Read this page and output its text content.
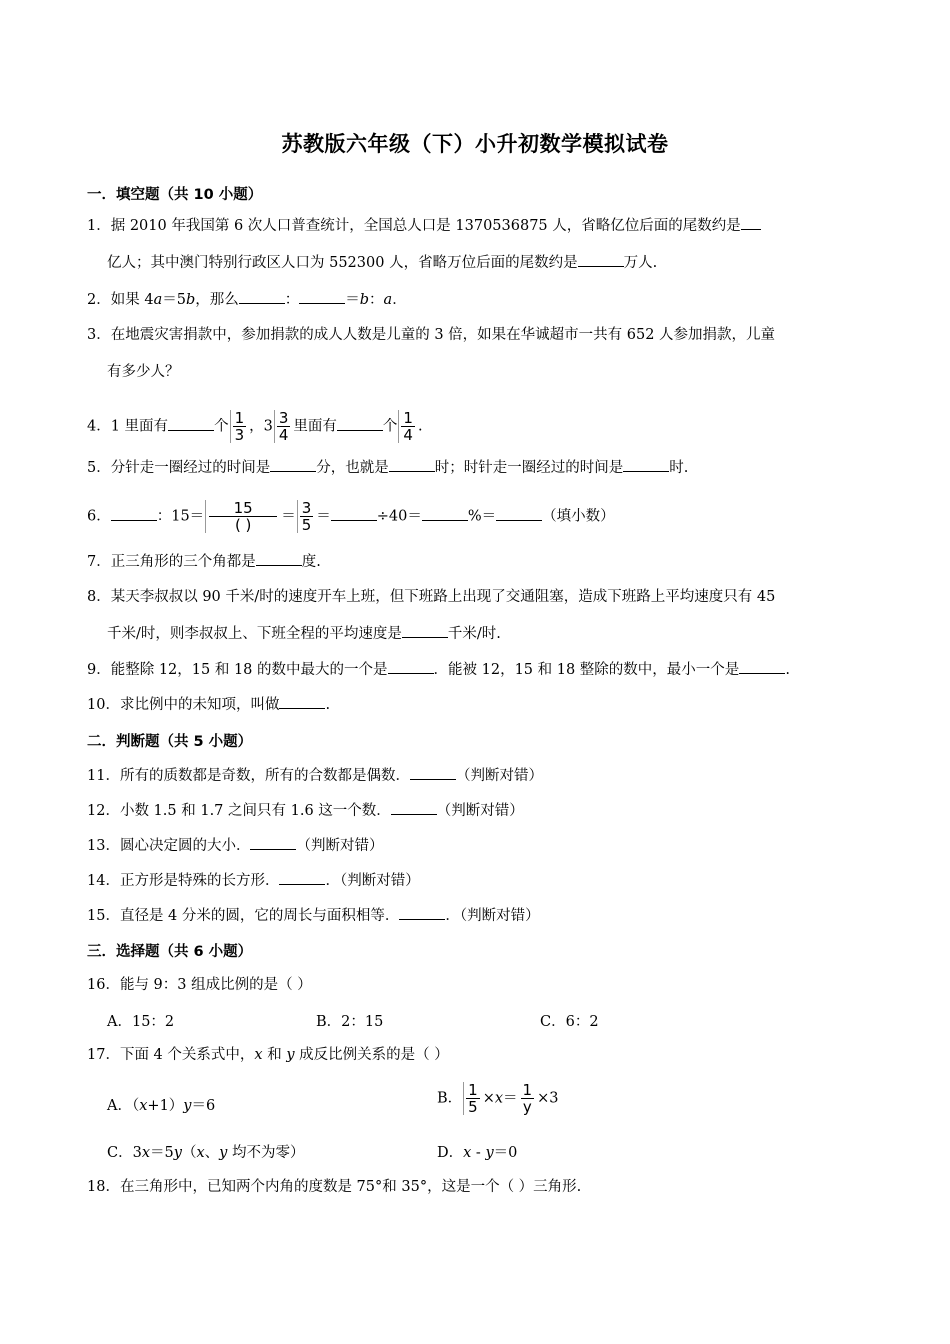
苏教版六年级（下）小升初数学模拟试卷
一．填空题（共 10 小题）
1．据 2010 年我国第 6 次人口普查统计，全国总人口是 1370536875 人，省略亿位后面的尾数约是
亿人；其中澳门特别行政区人口为 552300 人，省略万位后面的尾数约是	万人.
2．如果 4a＝5b，那么	：	＝b：a．
3．在地震灾害捐款中，参加捐款的成人人数是儿童的 3 倍，如果在华诚超市一共有 652 人参加捐款，儿童
有多少人？
4．1 里面有	个 $\frac{1}{3}$ ，$3 \frac{3}{4}$ 里面有	个 $\frac{1}{4}$ .
5．分针走一圈经过的时间是	分，也就是	时；时针走一圈经过的时间是	时.
6．	：$15= \frac{15}{( )} = \frac{3}{5}$ ＝	÷40＝	%＝	（填小数）
7．正三角形的三个角都是	度.
8．某天李叔叔以 90 千米/时的速度开车上班，但下班路上出现了交通阻塞，造成下班路上平均速度只有 45
千米/时，则李叔叔上、下班全程的平均速度是	千米/时.
9．能整除 12，15 和 18 的数中最大的一个是	．能被 12，15 和 18 整除的数中，最小一个是	.
10．求比例中的未知项，叫做	.
二．判断题（共 5 小题）
11．所有的质数都是奇数，所有的合数都是偶数．	（判断对错）
12．小数 1.5 和 1.7 之间只有 1.6 这一个数．	（判断对错）
13．圆心决定圆的大小．	（判断对错）
14．正方形是特殊的长方形．	．（判断对错）
15．直径是 4 分米的圆，它的周长与面积相等．	．（判断对错）
三．选择题（共 6 小题）
16．能与 9：3 组成比例的是（ ）
A．15：2	B．2：15	C．6：2
17．下面 4 个关系式中，x 和 y 成反比例关系的是（ ）
A．（x+1）y＝6	B． $\frac{1}{5} \times x= \frac{1}{y} \times 3$
C．3x＝5y（x、y 均不为零）	D．x - y＝0
18．在三角形中，已知两个内角的度数是 75°和 35°，这是一个（ ）三角形.
